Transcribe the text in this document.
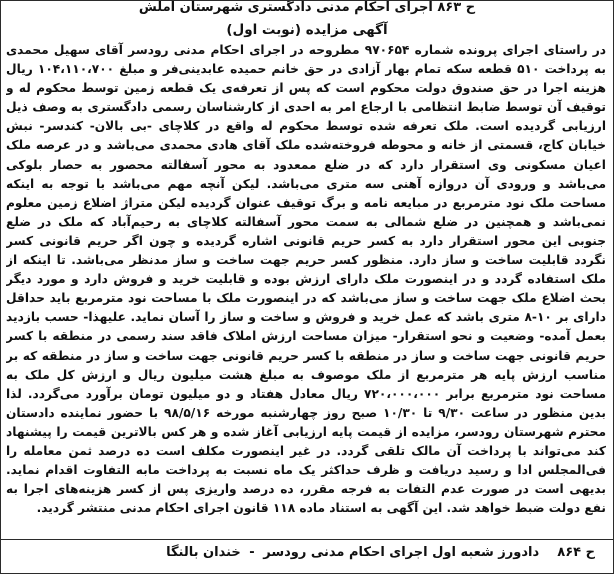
ح ۸۶۳ اجرای احکام مدنی دادگستری شهرستان املش
آگهی مزایده (نوبت اول)
در راستای اجرای پرونده شماره ۹۷۰۶۵۴ مطروحه در اجرای احکام مدنی رودسر آقای سهیل محمدی به پرداخت ۵۱۰ قطعه سکه تمام بهار آزادی در حق خانم حمیده عابدینی‌فر و مبلغ ۱۰۴،۱۱۰،۷۰۰ ریال هزینه اجرا در حق صندوق دولت محکوم است که پس از تعرفه‌ی یک قطعه زمین توسط محکوم له و توقیف آن توسط ضابط انتظامی با ارجاع امر به احدی از کارشناسان رسمی دادگستری به وصف ذیل ارزیابی گردیده است. ملک تعرفه شده توسط محکوم له واقع در کلاچای -بی بالان- کندسر- نبش خیابان کاج، قسمتی از خانه و محوطه فروخته‌شده ملک آقای هادی محمدی می‌باشد و در عرصه ملک اعیان مسکونی وی استقرار دارد که در ضلع ممعدود به محور آسفالته محصور به حصار بلوکی می‌باشد و ورودی آن دروازه آهنی سه متری می‌باشد. لیکن آنچه مهم می‌باشد با توجه به اینکه مساحت ملک نود مترمربع در مبایعه نامه و برگ توقیف عنوان گردیده لیکن متراژ اضلاع زمین معلوم نمی‌باشد و همچنین در ضلع شمالی به سمت محور آسفالته کلاچای به رحیم‌آباد که ملک در ضلع جنوبی این محور استقرار دارد به کسر حریم قانونی اشاره گردیده و چون اگر حریم قانونی کسر نگردد قابلیت ساخت و ساز دارد. منظور کسر حریم جهت ساخت و ساز مدنظر می‌باشد. تا اینکه از ملک استفاده گردد و در اینصورت ملک دارای ارزش بوده و قابلیت خرید و فروش دارد و مورد دیگر بحث اضلاع ملک جهت ساخت و ساز می‌باشد که در اینصورت ملک با مساحت نود مترمربع باید حداقل دارای بر ۱۰-۸ متری باشد که عمل خرید و فروش و ساخت و ساز را آسان نماید. علیهذا- حسب بازدید بعمل آمده- وضعیت و نحو استقرار- میزان مساحت ارزش املاک فاقد سند رسمی در منطقه با کسر حریم قانونی جهت ساخت و ساز در منطقه با کسر حریم قانونی جهت ساخت و ساز در منطقه که بر مناسب ارزش پایه هر مترمربع از ملک موصوف به مبلغ هشت میلیون ریال و ارزش کل ملک به مساحت نود مترمربع برابر ۷۲۰،۰۰۰،۰۰۰ ریال معادل هفتاد و دو میلیون تومان برآورد می‌گردد. لذا بدین منظور در ساعت ۹/۳۰ تا ۱۰/۳۰ صبح روز چهارشنبه مورخه ۹۸/۵/۱۶ با حضور نماینده دادستان محترم شهرستان رودسر، مزایده از قیمت پایه ارزیابی آغاز شده و هر کس بالاترین قیمت را پیشنهاد کند می‌تواند با پرداخت آن مالک تلقی گردد. در غیر اینصورت مکلف است ده درصد ثمن معامله را فی‌المجلس ادا و رسید دریافت و ظرف حداکثر یک ماه نسبت به پرداخت مابه التفاوت اقدام نماید. بدیهی است در صورت عدم التفات به فرجه مقرر، ده درصد واریزی پس از کسر هزینه‌های اجرا به نفع دولت ضبط خواهد شد. این آگهی به استناد ماده ۱۱۸ قانون اجرای احکام مدنی منتشر گردید.
ح ۸۶۴    دادورز شعبه اول اجرای احکام مدنی رودسر - خندان بالنگا
